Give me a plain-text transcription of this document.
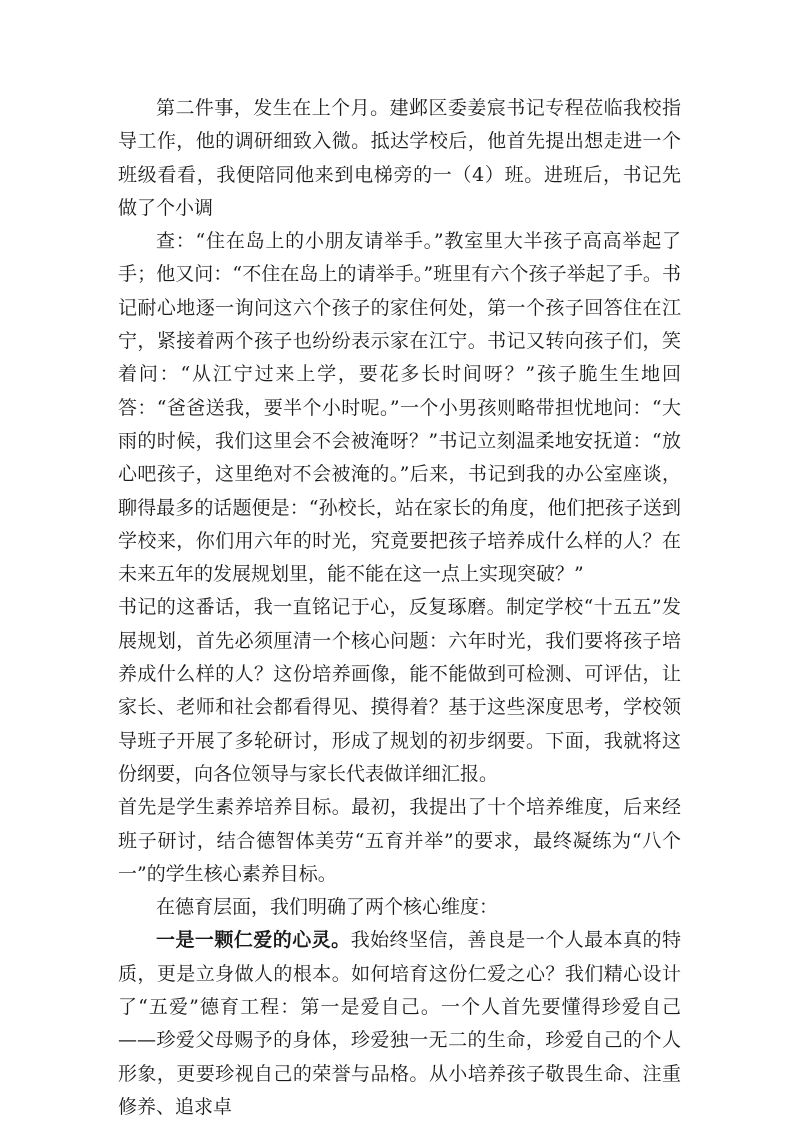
第二件事，发生在上个月。建邺区委姜宸书记专程莅临我校指导工作，他的调研细致入微。抵达学校后，他首先提出想走进一个班级看看，我便陪同他来到电梯旁的一（4）班。进班后，书记先做了个小调

查：“住在岛上的小朋友请举手。”教室里大半孩子高高举起了手；他又问：“不住在岛上的请举手。”班里有六个孩子举起了手。书记耐心地逐一询问这六个孩子的家住何处，第一个孩子回答住在江宁，紧接着两个孩子也纷纷表示家在江宁。书记又转向孩子们，笑着问：“从江宁过来上学，要花多长时间呀？”孩子脆生生地回答：“爸爸送我，要半个小时呢。”一个小男孩则略带担忧地问：“大雨的时候，我们这里会不会被淹呀？”书记立刻温柔地安抚道：“放心吧孩子，这里绝对不会被淹的。”后来，书记到我的办公室座谈，聊得最多的话题便是：“孙校长，站在家长的角度，他们把孩子送到学校来，你们用六年的时光，究竟要把孩子培养成什么样的人？在未来五年的发展规划里，能不能在这一点上实现突破？”

书记的这番话，我一直铭记于心，反复琢磨。制定学校“十五五”发展规划，首先必须厘清一个核心问题：六年时光，我们要将孩子培养成什么样的人？这份培养画像，能不能做到可检测、可评估，让家长、老师和社会都看得见、摸得着？基于这些深度思考，学校领导班子开展了多轮研讨，形成了规划的初步纲要。下面，我就将这份纲要，向各位领导与家长代表做详细汇报。

首先是学生素养培养目标。最初，我提出了十个培养维度，后来经班子研讨，结合德智体美劳“五育并举”的要求，最终凝练为“八个一”的学生核心素养目标。

在德育层面，我们明确了两个核心维度：

一是一颗仁爱的心灵。我始终坚信，善良是一个人最本真的特质，更是立身做人的根本。如何培育这份仁爱之心？我们精心设计了“五爱”德育工程：第一是爱自己。一个人首先要懂得珍爱自己——珍爱父母赐予的身体，珍爱独一无二的生命，珍爱自己的个人形象，更要珍视自己的荣誉与品格。从小培养孩子敬畏生命、注重修养、追求卓
